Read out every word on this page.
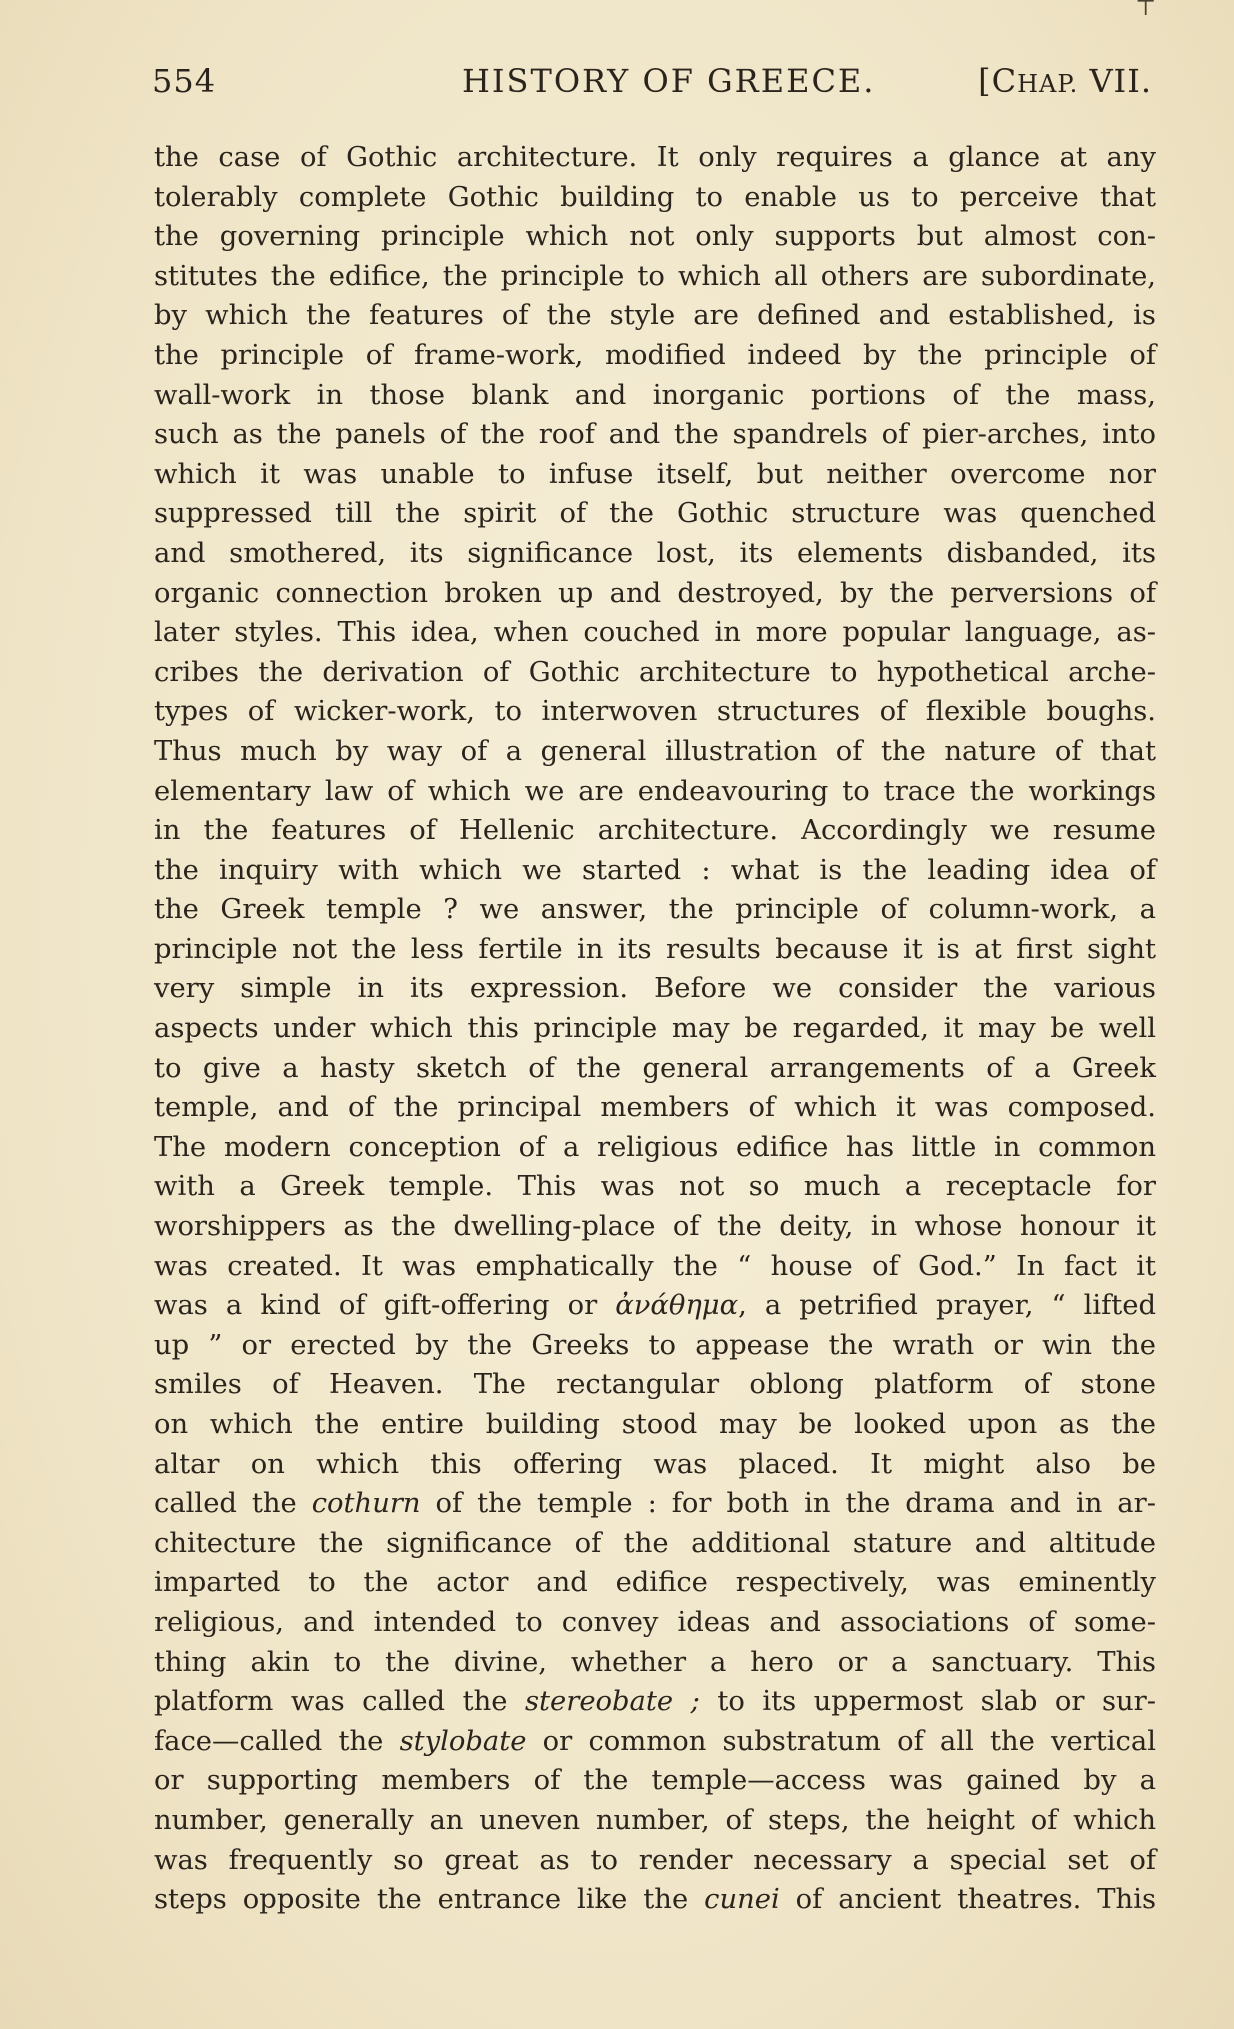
⊤
554	HISTORY OF GREECE.	[CHAP. VII.
the case of Gothic architecture. It only requires a glance at any
tolerably complete Gothic building to enable us to perceive that
the governing principle which not only supports but almost con-
stitutes the edifice, the principle to which all others are subordinate,
by which the features of the style are defined and established, is
the principle of frame-work, modified indeed by the principle of
wall-work in those blank and inorganic portions of the mass,
such as the panels of the roof and the spandrels of pier-arches, into
which it was unable to infuse itself, but neither overcome nor
suppressed till the spirit of the Gothic structure was quenched
and smothered, its significance lost, its elements disbanded, its
organic connection broken up and destroyed, by the perversions of
later styles. This idea, when couched in more popular language, as-
cribes the derivation of Gothic architecture to hypothetical arche-
types of wicker-work, to interwoven structures of flexible boughs.
Thus much by way of a general illustration of the nature of that
elementary law of which we are endeavouring to trace the workings
in the features of Hellenic architecture. Accordingly we resume
the inquiry with which we started : what is the leading idea of
the Greek temple ? we answer, the principle of column-work, a
principle not the less fertile in its results because it is at first sight
very simple in its expression. Before we consider the various
aspects under which this principle may be regarded, it may be well
to give a hasty sketch of the general arrangements of a Greek
temple, and of the principal members of which it was composed.
The modern conception of a religious edifice has little in common
with a Greek temple. This was not so much a receptacle for
worshippers as the dwelling-place of the deity, in whose honour it
was created. It was emphatically the “ house of God.” In fact it
was a kind of gift-offering or ἀνάθημα, a petrified prayer, “ lifted
up ” or erected by the Greeks to appease the wrath or win the
smiles of Heaven. The rectangular oblong platform of stone
on which the entire building stood may be looked upon as the
altar on which this offering was placed. It might also be
called the cothurn of the temple : for both in the drama and in ar-
chitecture the significance of the additional stature and altitude
imparted to the actor and edifice respectively, was eminently
religious, and intended to convey ideas and associations of some-
thing akin to the divine, whether a hero or a sanctuary. This
platform was called the stereobate ; to its uppermost slab or sur-
face—called the stylobate or common substratum of all the vertical
or supporting members of the temple—access was gained by a
number, generally an uneven number, of steps, the height of which
was frequently so great as to render necessary a special set of
steps opposite the entrance like the cunei of ancient theatres. This
